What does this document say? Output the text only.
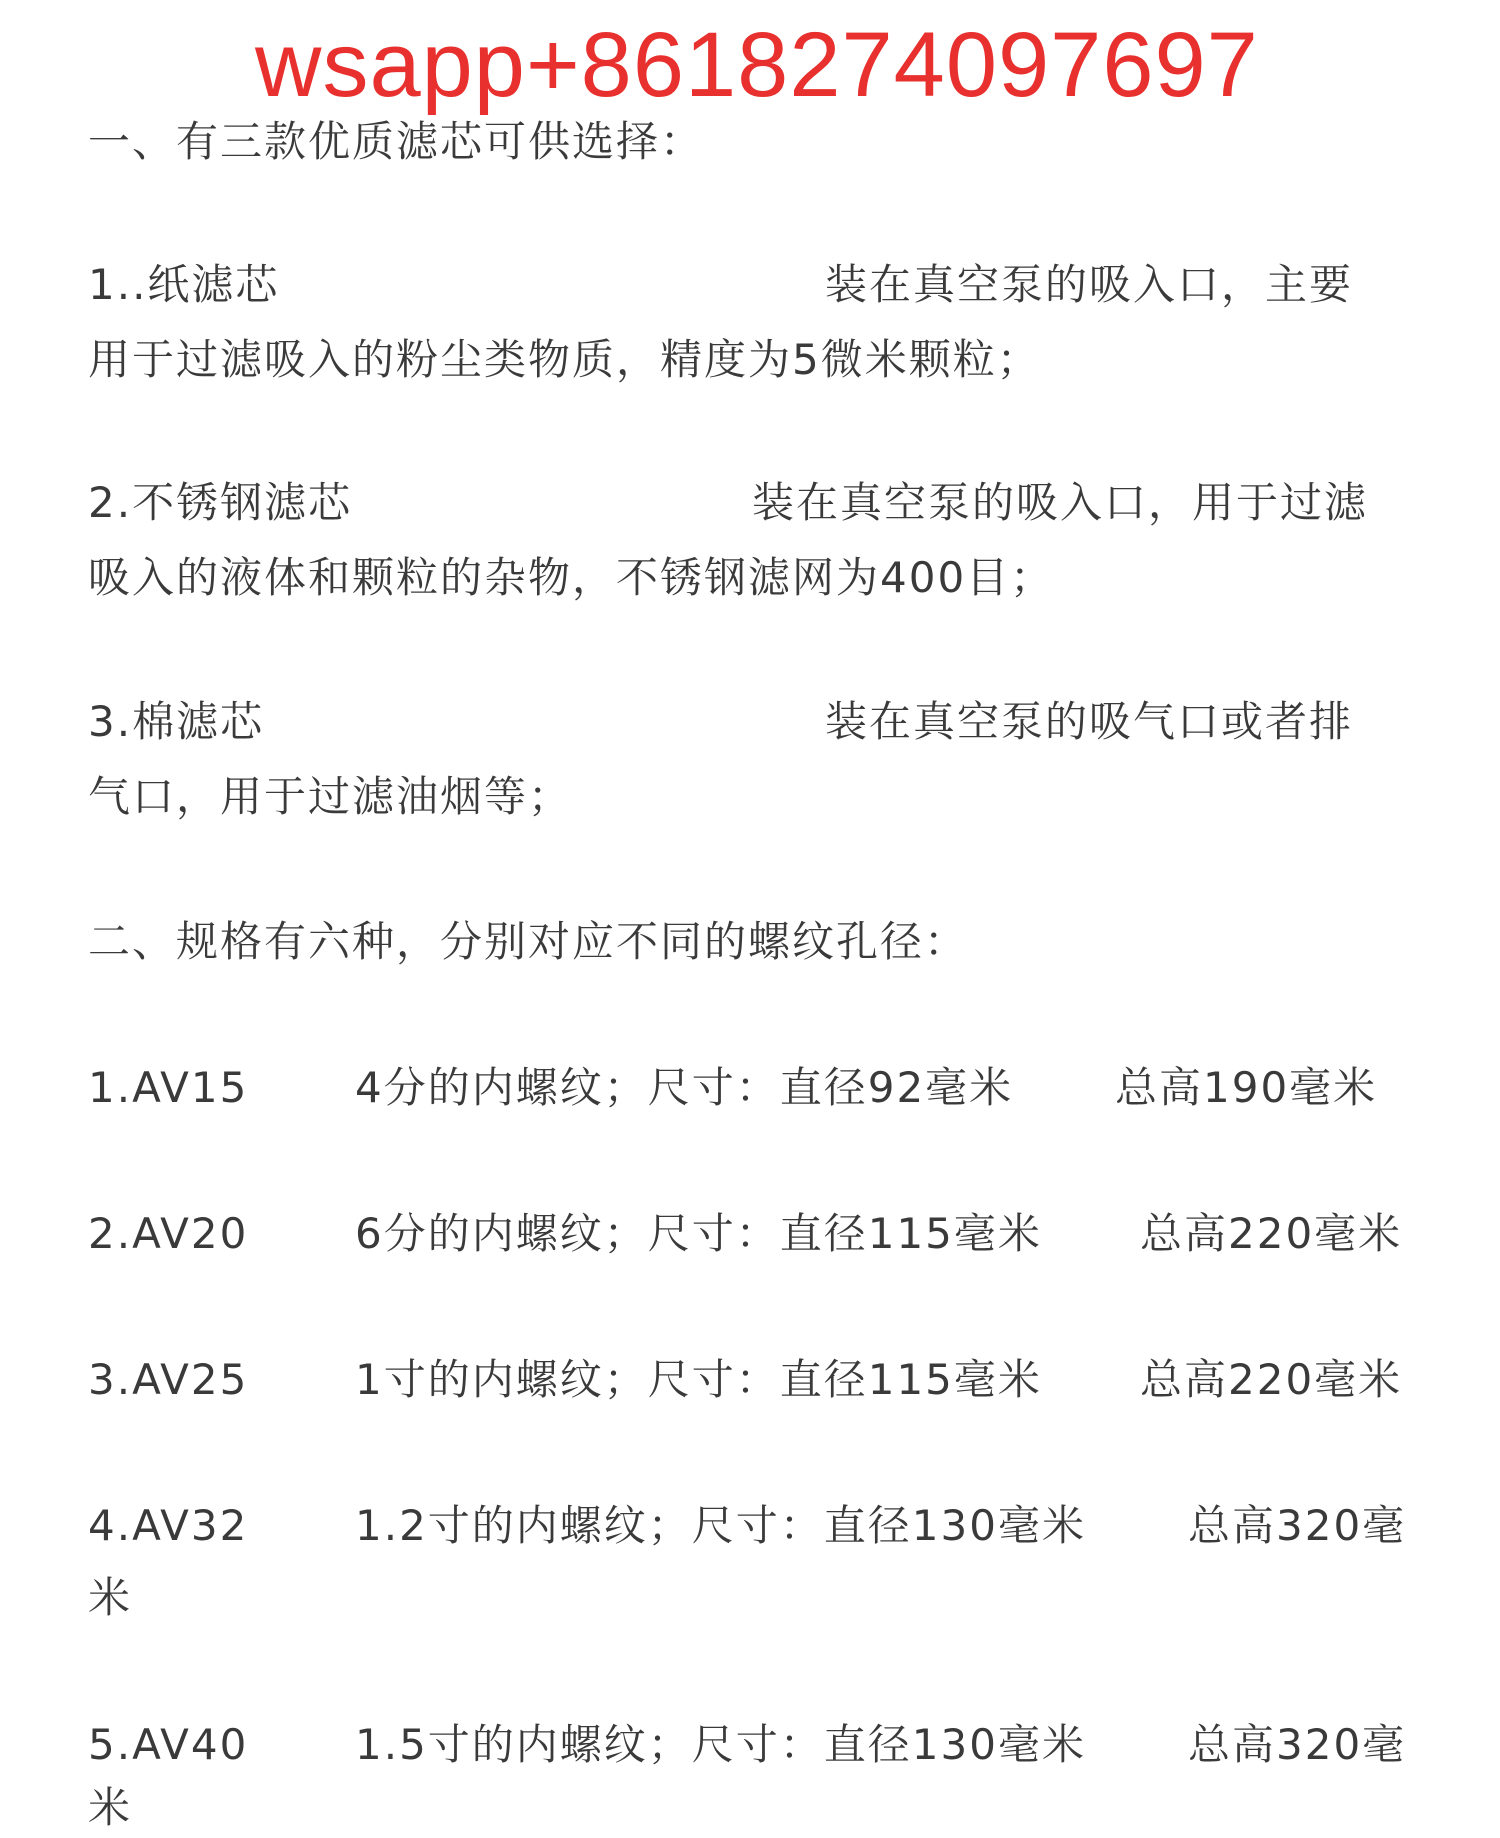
wsapp+8618274097697
一、有三款优质滤芯可供选择：
1..纸滤芯	装在真空泵的吸入口，主要
用于过滤吸入的粉尘类物质，精度为5微米颗粒；
2.不锈钢滤芯	装在真空泵的吸入口，用于过滤
吸入的液体和颗粒的杂物，不锈钢滤网为400目；
3.棉滤芯	装在真空泵的吸气口或者排
气口，用于过滤油烟等；
二、规格有六种，分别对应不同的螺纹孔径：
1.AV15	4分的内螺纹；尺寸：直径92毫米 总高190毫米
2.AV20	6分的内螺纹；尺寸：直径115毫米 总高220毫米
3.AV25	1寸的内螺纹；尺寸：直径115毫米 总高220毫米
4.AV32	1.2寸的内螺纹；尺寸：直径130毫米 总高320毫
米
5.AV40	1.5寸的内螺纹；尺寸：直径130毫米 总高320毫
米
